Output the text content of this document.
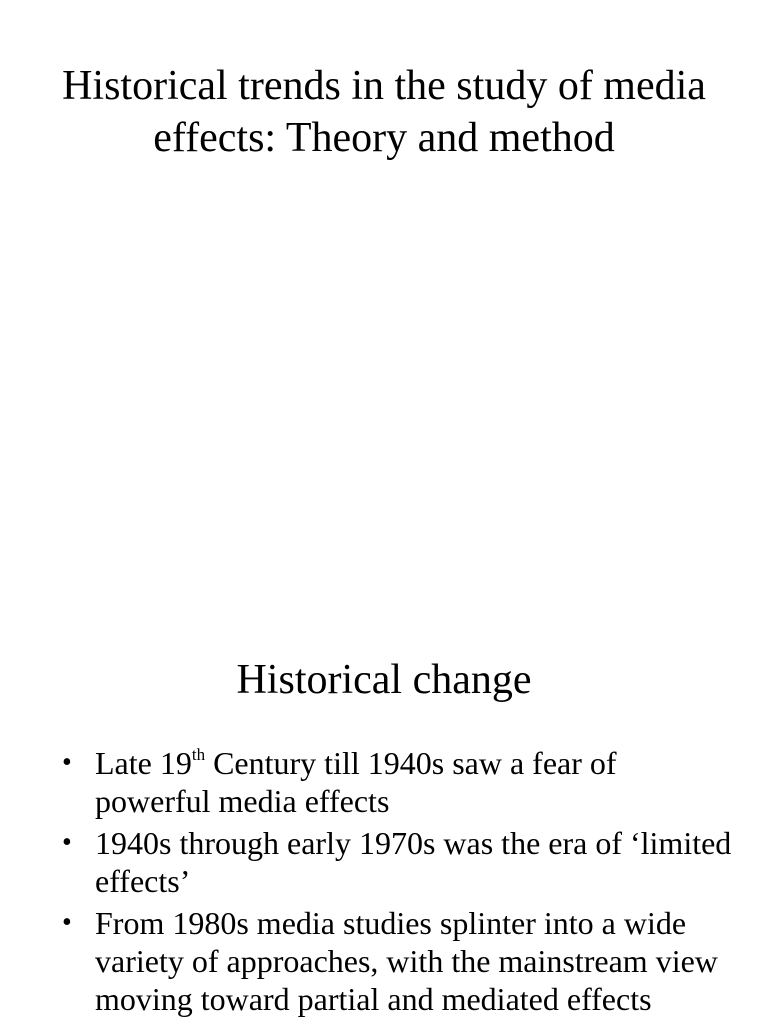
Historical trends in the study of media
effects: Theory and method
Historical change
• Late 19th Century till 1940s saw a fear of powerful media effects
• 1940s through early 1970s was the era of ‘limited effects’
• From 1980s media studies splinter into a wide variety of approaches, with the mainstream view moving toward partial and mediated effects
